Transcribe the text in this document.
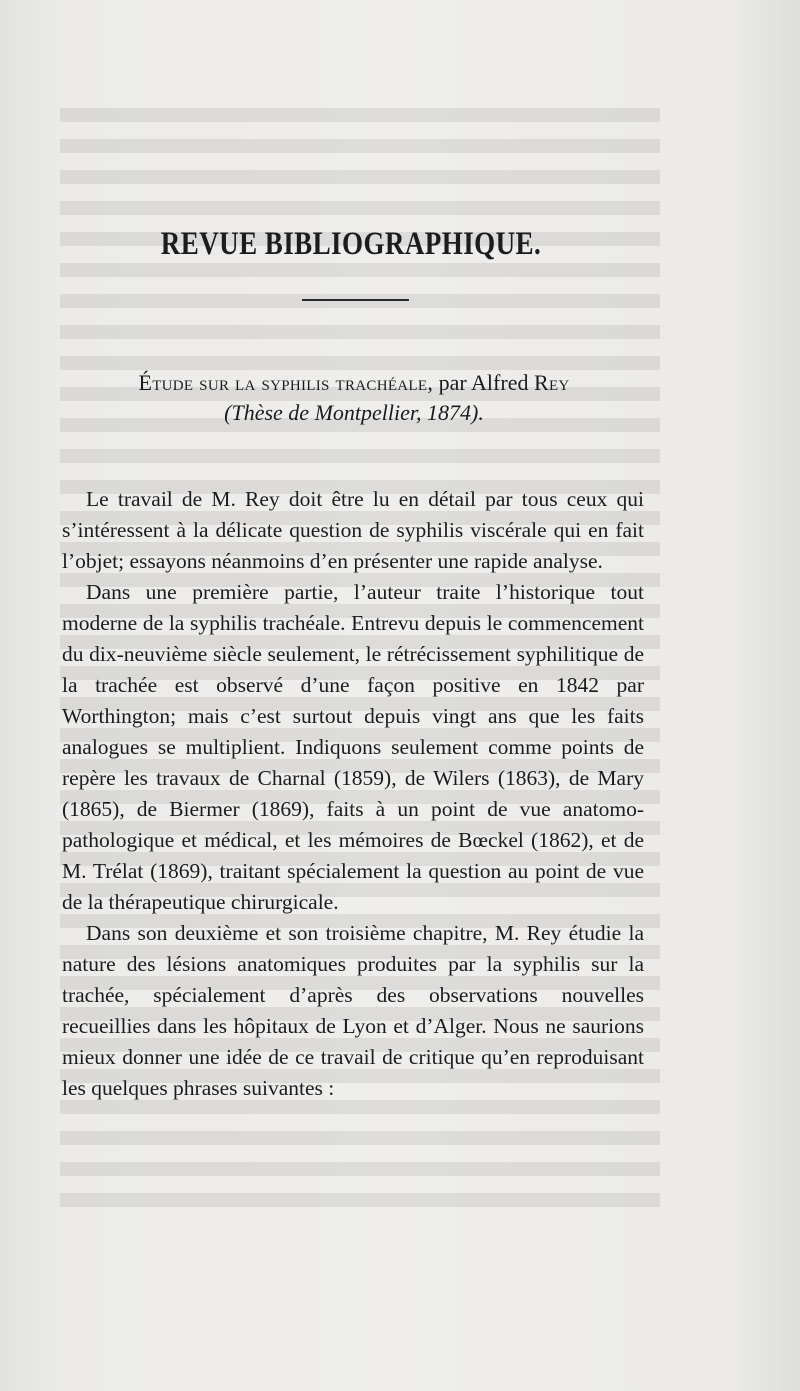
REVUE BIBLIOGRAPHIQUE.
Étude sur la syphilis trachéale, par Alfred Rey
(Thèse de Montpellier, 1874).

Le travail de M. Rey doit être lu en détail par tous ceux qui s’intéressent à la délicate question de syphilis viscérale qui en fait l’objet; essayons néanmoins d’en présenter une rapide analyse.

Dans une première partie, l’auteur traite l’historique tout moderne de la syphilis trachéale. Entrevu depuis le commencement du dix-neuvième siècle seulement, le rétrécissement syphilitique de la trachée est observé d’une façon positive en 1842 par Worthington; mais c’est surtout depuis vingt ans que les faits analogues se multiplient. Indiquons seulement comme points de repère les travaux de Charnal (1859), de Wilers (1863), de Mary (1865), de Biermer (1869), faits à un point de vue anatomo-pathologique et médical, et les mémoires de Bœckel (1862), et de M. Trélat (1869), traitant spécialement la question au point de vue de la thérapeutique chirurgicale.

Dans son deuxième et son troisième chapitre, M. Rey étudie la nature des lésions anatomiques produites par la syphilis sur la trachée, spécialement d’après des observations nouvelles recueillies dans les hôpitaux de Lyon et d’Alger. Nous ne saurions mieux donner une idée de ce travail de critique qu’en reproduisant les quelques phrases suivantes :
